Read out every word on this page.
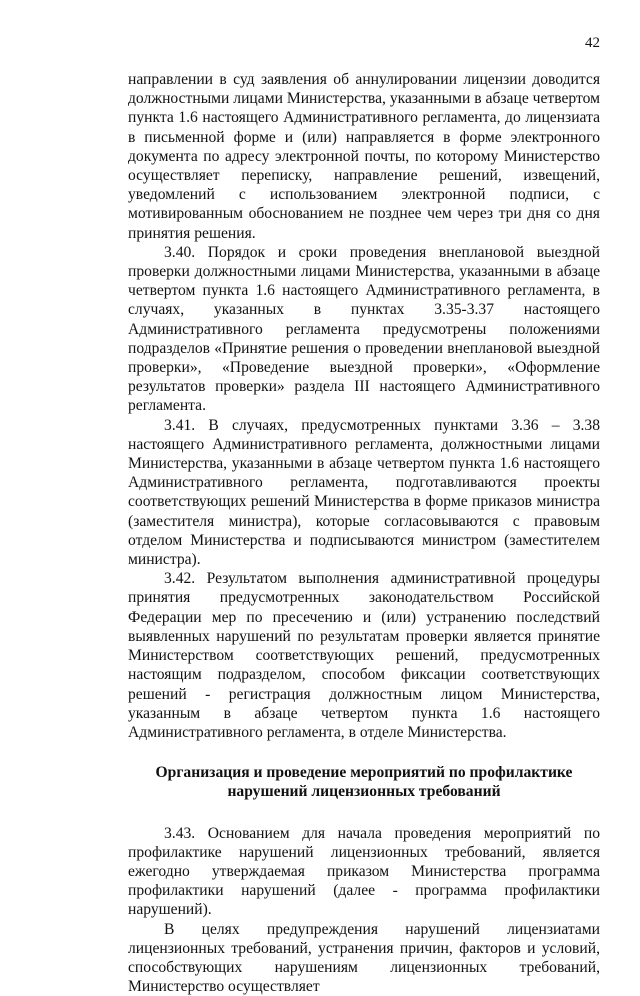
42

направлении в суд заявления об аннулировании лицензии доводится должностными лицами Министерства, указанными в абзаце четвертом пункта 1.6 настоящего Административного регламента, до лицензиата в письменной форме и (или) направляется в форме электронного документа по адресу электронной почты, по которому Министерство осуществляет переписку, направление решений, извещений, уведомлений с использованием электронной подписи, с мотивированным обоснованием не позднее чем через три дня со дня принятия решения.

3.40. Порядок и сроки проведения внеплановой выездной проверки должностными лицами Министерства, указанными в абзаце четвертом пункта 1.6 настоящего Административного регламента, в случаях, указанных в пунктах 3.35-3.37 настоящего Административного регламента предусмотрены положениями подразделов «Принятие решения о проведении внеплановой выездной проверки», «Проведение выездной проверки», «Оформление результатов проверки» раздела III настоящего Административного регламента.

3.41. В случаях, предусмотренных пунктами 3.36 – 3.38 настоящего Административного регламента, должностными лицами Министерства, указанными в абзаце четвертом пункта 1.6 настоящего Административного регламента, подготавливаются проекты соответствующих решений Министерства в форме приказов министра (заместителя министра), которые согласовываются с правовым отделом Министерства и подписываются министром (заместителем министра).

3.42. Результатом выполнения административной процедуры принятия предусмотренных законодательством Российской Федерации мер по пресечению и (или) устранению последствий выявленных нарушений по результатам проверки является принятие Министерством соответствующих решений, предусмотренных настоящим подразделом, способом фиксации соответствующих решений - регистрация должностным лицом Министерства, указанным в абзаце четвертом пункта 1.6 настоящего Административного регламента, в отделе Министерства.

Организация и проведение мероприятий по профилактике
нарушений лицензионных требований

3.43. Основанием для начала проведения мероприятий по профилактике нарушений лицензионных требований, является ежегодно утверждаемая приказом Министерства программа профилактики нарушений (далее - программа профилактики нарушений).

В целях предупреждения нарушений лицензиатами лицензионных требований, устранения причин, факторов и условий, способствующих нарушениям лицензионных требований, Министерство осуществляет
